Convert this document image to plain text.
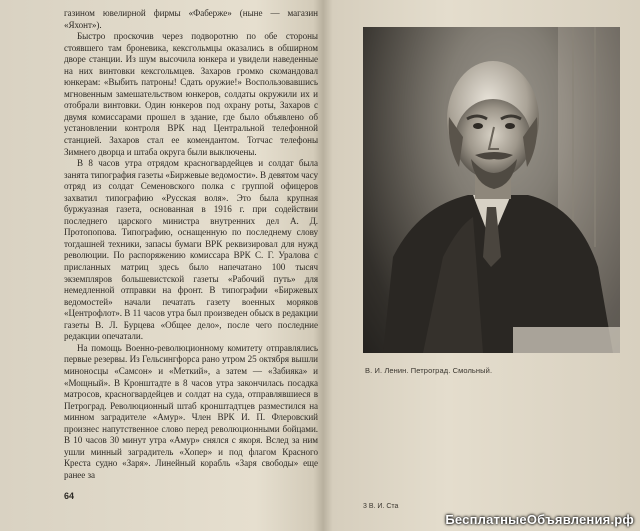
газином ювелирной фирмы «Фаберже» (ныне — магазин «Яхонт»).

Быстро проскочив через подворотню по обе стороны стоявшего там броневика, кексгольмцы оказались в обширном дворе станции. Из шум высочила юнкера и увидели наведенные на них винтовки кексгольмцев. Захаров громко скомандовал юнкерам: «Выбить патроны! Сдать оружие!» Воспользовавшись мгновенным замешательством юнкеров, солдаты окружили их и отобрали винтовки. Один юнкеров под охрану роты, Захаров с двумя комиссарами прошел в здание, где было объявлено об установлении контроля ВРК над Центральной телефонной станцией. Захаров стал ее комендантом. Тотчас телефоны Зимнего дворца и штаба округа были выключены.

В 8 часов утра отрядом красногвардейцев и солдат была занята типография газеты «Биржевые ведомости». В девятом часу отряд из солдат Семеновского полка с группой офицеров захватил типографию «Русская воля». Это была крупная буржуазная газета, основанная в 1916 г. при содействии последнего царского министра внутренних дел А. Д. Протопопова. Типографию, оснащенную по последнему слову тогдашней техники, запасы бумаги ВРК реквизировал для нужд революции. По распоряжению комиссара ВРК С. Г. Уралова с присланных матриц здесь было напечатано 100 тысяч экземпляров большевистской газеты «Рабочий путь» для немедленной отправки на фронт. В типографии «Биржевых ведомостей» начали печатать газету военных моряков «Центрофлот». В 11 часов утра был произведен обыск в редакции газеты В. Л. Бурцева «Общее дело», после чего последние редакции опечатали.

На помощь Военно-революционному комитету отправлялись первые резервы. Из Гельсингфорса рано утром 25 октября вышли миноносцы «Самсон» и «Меткий», а затем — «Забияка» и «Мощный». В Кронштадте в 8 часов утра закончилась посадка матросов, красногвардейцев и солдат на суда, отправлявшиеся в Петроград. Революционный штаб кронштадтцев разместился на минном заградителе «Амур». Член ВРК И. П. Флеровский произнес напутственное слово перед революционными бойцами. В 10 часов 30 минут утра «Амур» снялся с якоря. Вслед за ним ушли минный заградитель «Хопер» и под флагом Красного Креста судно «Заря». Линейный корабль «Заря свободы» еще ранее за

64
В. И. Ленин. Петроград. Смольный.
3 В. И. Ста
БесплатныеОбъявления.рф
